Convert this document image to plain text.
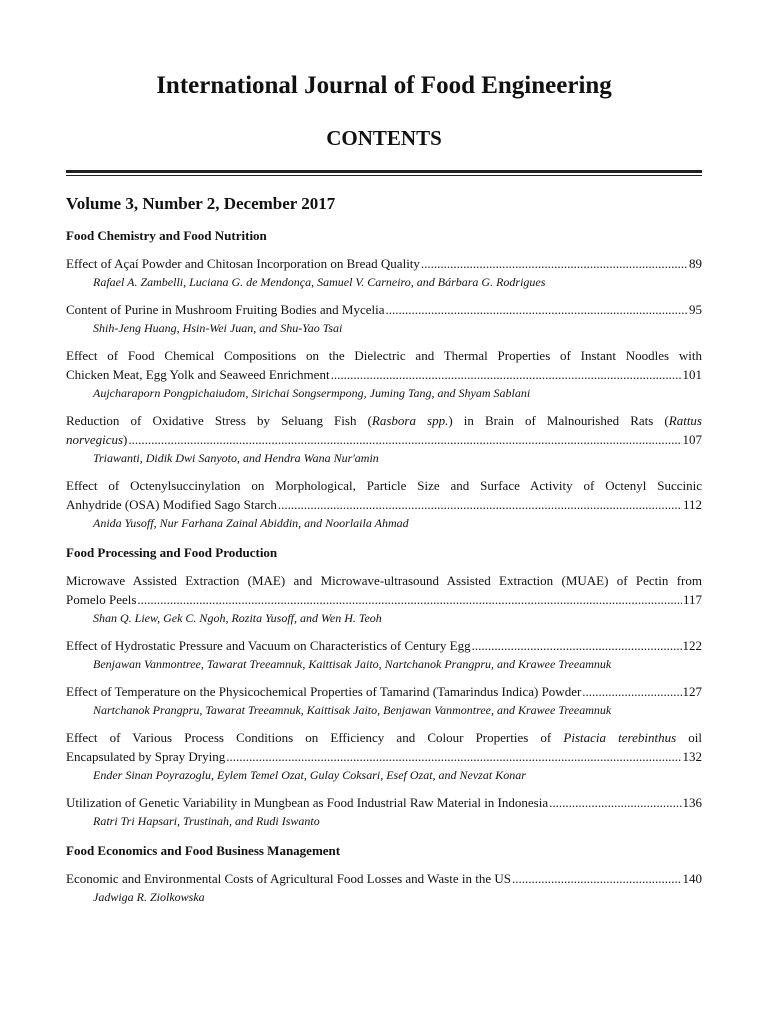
International Journal of Food Engineering
CONTENTS
Volume 3, Number 2, December 2017
Food Chemistry and Food Nutrition
Effect of Açaí Powder and Chitosan Incorporation on Bread Quality .....	89
Rafael A. Zambelli, Luciana G. de Mendonça, Samuel V. Carneiro, and Bárbara G. Rodrigues
Content of Purine in Mushroom Fruiting Bodies and Mycelia .....	95
Shih-Jeng Huang, Hsin-Wei Juan, and Shu-Yao Tsai
Effect of Food Chemical Compositions on the Dielectric and Thermal Properties of Instant Noodles with
Chicken Meat, Egg Yolk and Seaweed Enrichment .....	101
Aujcharaporn Pongpichaiudom, Sirichai Songsermpong, Juming Tang, and Shyam Sablani
Reduction of Oxidative Stress by Seluang Fish (Rasbora spp.) in Brain of Malnourished Rats (Rattus
norvegicus) .....	107
Triawanti, Didik Dwi Sanyoto, and Hendra Wana Nur'amin
Effect of Octenylsuccinylation on Morphological, Particle Size and Surface Activity of Octenyl Succinic
Anhydride (OSA) Modified Sago Starch .....	112
Anida Yusoff, Nur Farhana Zainal Abiddin, and Noorlaila Ahmad
Food Processing and Food Production
Microwave Assisted Extraction (MAE) and Microwave-ultrasound Assisted Extraction (MUAE) of Pectin from
Pomelo Peels .....	117
Shan Q. Liew, Gek C. Ngoh, Rozita Yusoff, and Wen H. Teoh
Effect of Hydrostatic Pressure and Vacuum on Characteristics of Century Egg .....	122
Benjawan Vanmontree, Tawarat Treeamnuk, Kaittisak Jaito, Nartchanok Prangpru, and Krawee Treeamnuk
Effect of Temperature on the Physicochemical Properties of Tamarind (Tamarindus Indica) Powder .....	127
Nartchanok Prangpru, Tawarat Treeamnuk, Kaittisak Jaito, Benjawan Vanmontree, and Krawee Treeamnuk
Effect of Various Process Conditions on Efficiency and Colour Properties of Pistacia terebinthus oil
Encapsulated by Spray Drying .....	132
Ender Sinan Poyrazoglu, Eylem Temel Ozat, Gulay Coksari, Esef Ozat, and Nevzat Konar
Utilization of Genetic Variability in Mungbean as Food Industrial Raw Material in Indonesia .....	136
Ratri Tri Hapsari, Trustinah, and Rudi Iswanto
Food Economics and Food Business Management
Economic and Environmental Costs of Agricultural Food Losses and Waste in the US .....	140
Jadwiga R. Ziolkowska
